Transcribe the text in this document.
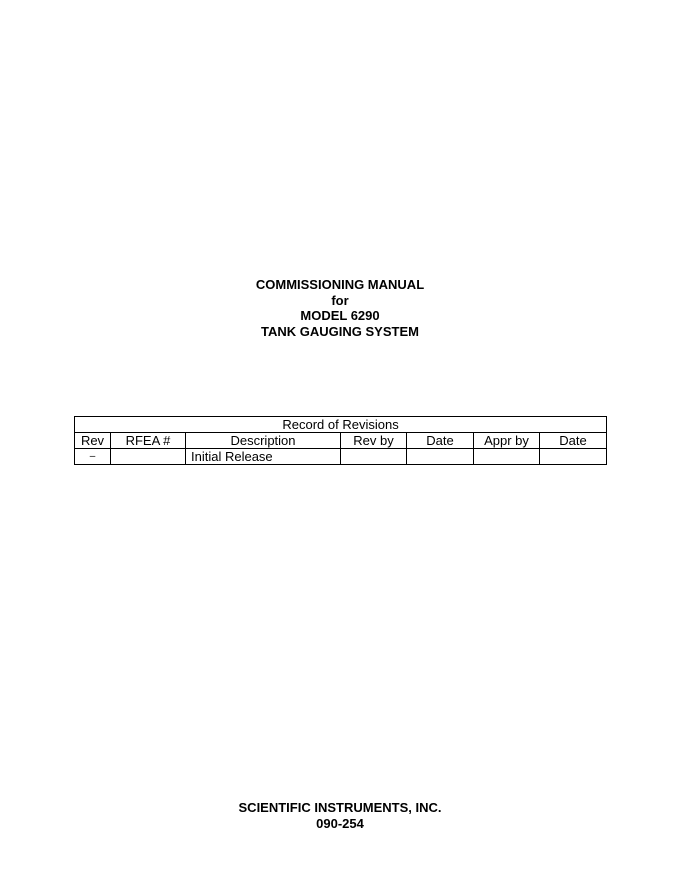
COMMISSIONING MANUAL
for
MODEL 6290
TANK GAUGING SYSTEM
Record of Revisions						
Rev	RFEA #	Description	Rev by	Date	Appr by	Date
–		Initial Release				
SCIENTIFIC INSTRUMENTS, INC.
090-254
